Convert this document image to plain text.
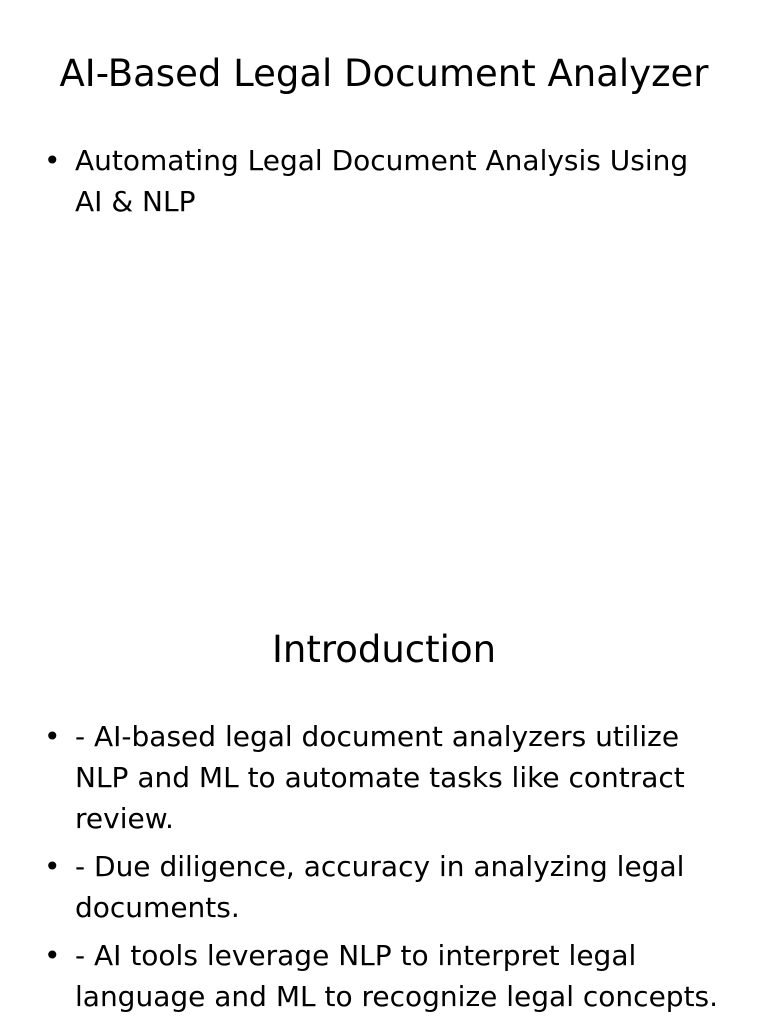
AI-Based Legal Document Analyzer
• Automating Legal Document Analysis Using AI & NLP
Introduction
• - AI-based legal document analyzers utilize NLP and ML to automate tasks like contract review.
• - Due diligence, accuracy in analyzing legal documents.
• - AI tools leverage NLP to interpret legal language and ML to recognize legal concepts.
